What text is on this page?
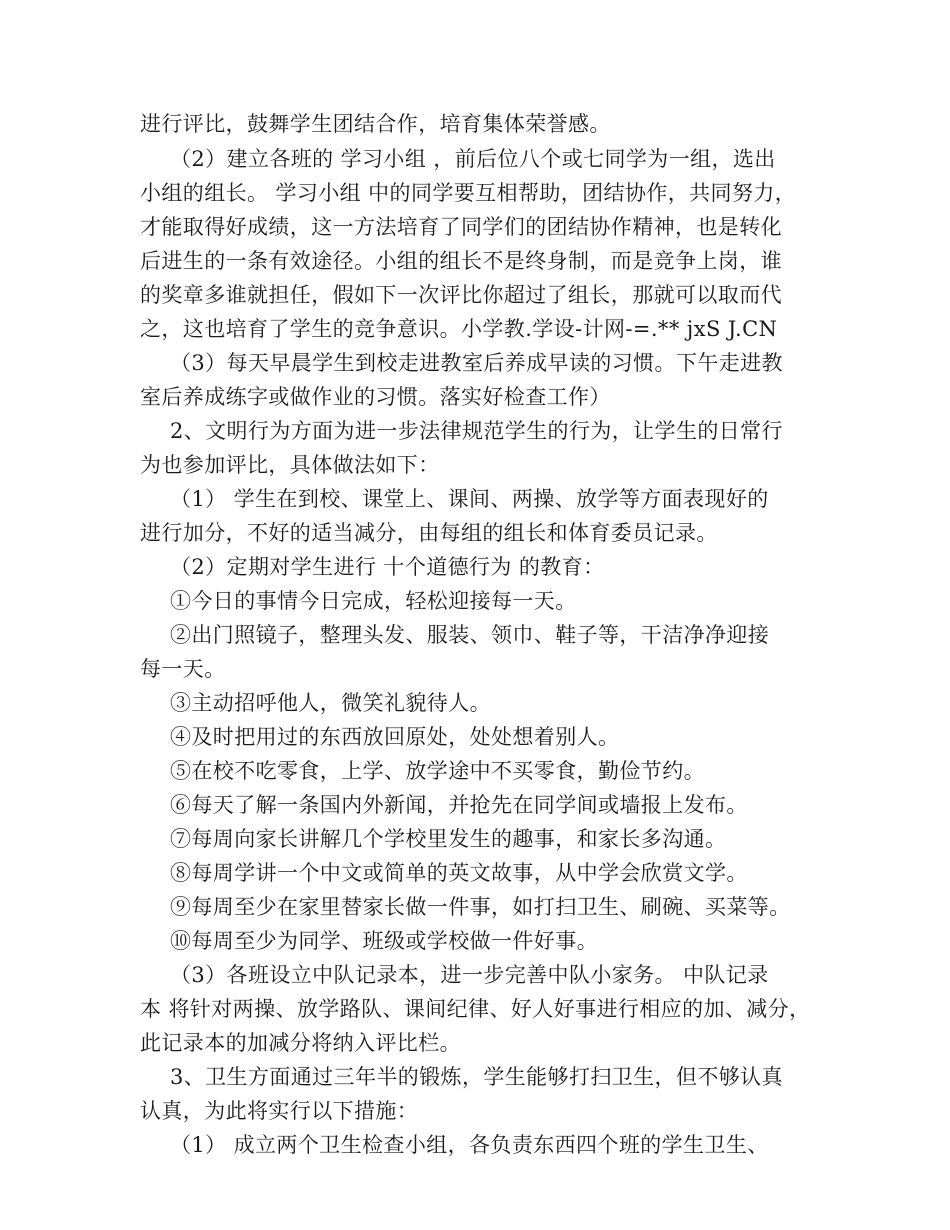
进行评比，鼓舞学生团结合作，培育集体荣誉感。
（2）建立各班的 学习小组 ，前后位八个或七同学为一组，选出
小组的组长。 学习小组 中的同学要互相帮助，团结协作，共同努力，
才能取得好成绩，这一方法培育了同学们的团结协作精神，也是转化
后进生的一条有效途径。小组的组长不是终身制，而是竞争上岗，谁
的奖章多谁就担任，假如下一次评比你超过了组长，那就可以取而代
之，这也培育了学生的竞争意识。小学教.学设-计网-=.** jxS J.CN
（3）每天早晨学生到校走进教室后养成早读的习惯。下午走进教
室后养成练字或做作业的习惯。落实好检查工作）
2、文明行为方面为进一步法律规范学生的行为，让学生的日常行
为也参加评比，具体做法如下：
（1） 学生在到校、课堂上、课间、两操、放学等方面表现好的
进行加分，不好的适当减分，由每组的组长和体育委员记录。
（2）定期对学生进行 十个道德行为 的教育：
①今日的事情今日完成，轻松迎接每一天。
②出门照镜子，整理头发、服装、领巾、鞋子等，干洁净净迎接
每一天。
③主动招呼他人，微笑礼貌待人。
④及时把用过的东西放回原处，处处想着别人。
⑤在校不吃零食，上学、放学途中不买零食，勤俭节约。
⑥每天了解一条国内外新闻，并抢先在同学间或墙报上发布。
⑦每周向家长讲解几个学校里发生的趣事，和家长多沟通。
⑧每周学讲一个中文或简单的英文故事，从中学会欣赏文学。
⑨每周至少在家里替家长做一件事，如打扫卫生、刷碗、买菜等。
⑩每周至少为同学、班级或学校做一件好事。
（3）各班设立中队记录本，进一步完善中队小家务。 中队记录
本 将针对两操、放学路队、课间纪律、好人好事进行相应的加、减分，
此记录本的加减分将纳入评比栏。
3、卫生方面通过三年半的锻炼，学生能够打扫卫生，但不够认真
认真，为此将实行以下措施：
（1） 成立两个卫生检查小组，各负责东西四个班的学生卫生、
